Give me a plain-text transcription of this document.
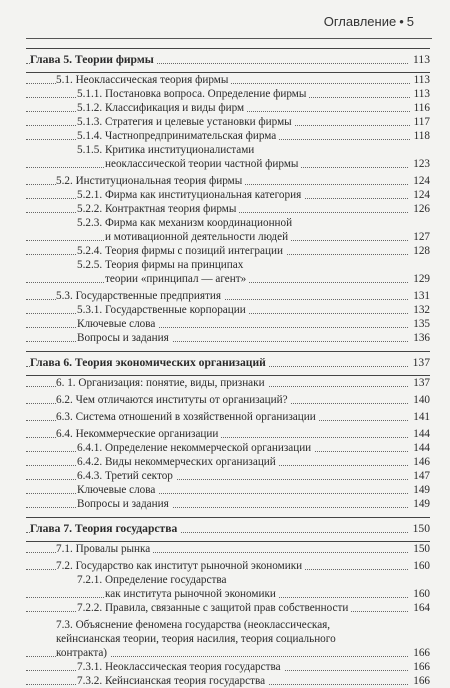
Оглавление • 5
Глава 5. Теории фирмы	113
5.1. Неоклассическая теория фирмы	113
5.1.1. Постановка вопроса. Определение фирмы	113
5.1.2. Классификация и виды фирм	116
5.1.3. Стратегия и целевые установки фирмы	117
5.1.4. Частнопредпринимательская фирма	118
5.1.5. Критика институционалистами
неоклассической теории частной фирмы	123
5.2. Институциональная теория фирмы	124
5.2.1. Фирма как институциональная категория	124
5.2.2. Контрактная теория фирмы	126
5.2.3. Фирма как механизм координационной
и мотивационной деятельности людей	127
5.2.4. Теория фирмы с позиций интеграции	128
5.2.5. Теория фирмы на принципах
теории «принципал — агент»	129
5.3. Государственные предприятия	131
5.3.1. Государственные корпорации	132
Ключевые слова	135
Вопросы и задания	136
Глава 6. Теория экономических организаций	137
6. 1. Организация: понятие, виды, признаки	137
6.2. Чем отличаются институты от организаций?	140
6.3. Система отношений в хозяйственной организации	141
6.4. Некоммерческие организации	144
6.4.1. Определение некоммерческой организации	144
6.4.2. Виды некоммерческих организаций	146
6.4.3. Третий сектор	147
Ключевые слова	149
Вопросы и задания	149
Глава 7. Теория государства	150
7.1. Провалы рынка	150
7.2. Государство как институт рыночной экономики	160
7.2.1. Определение государства
как института рыночной экономики	160
7.2.2. Правила, связанные с защитой прав собственности	164
7.3. Объяснение феномена государства (неоклассическая,
кейнсианская теории, теория насилия, теория социального
контракта)	166
7.3.1. Неоклассическая теория государства	166
7.3.2. Кейнсианская теория государства	166
